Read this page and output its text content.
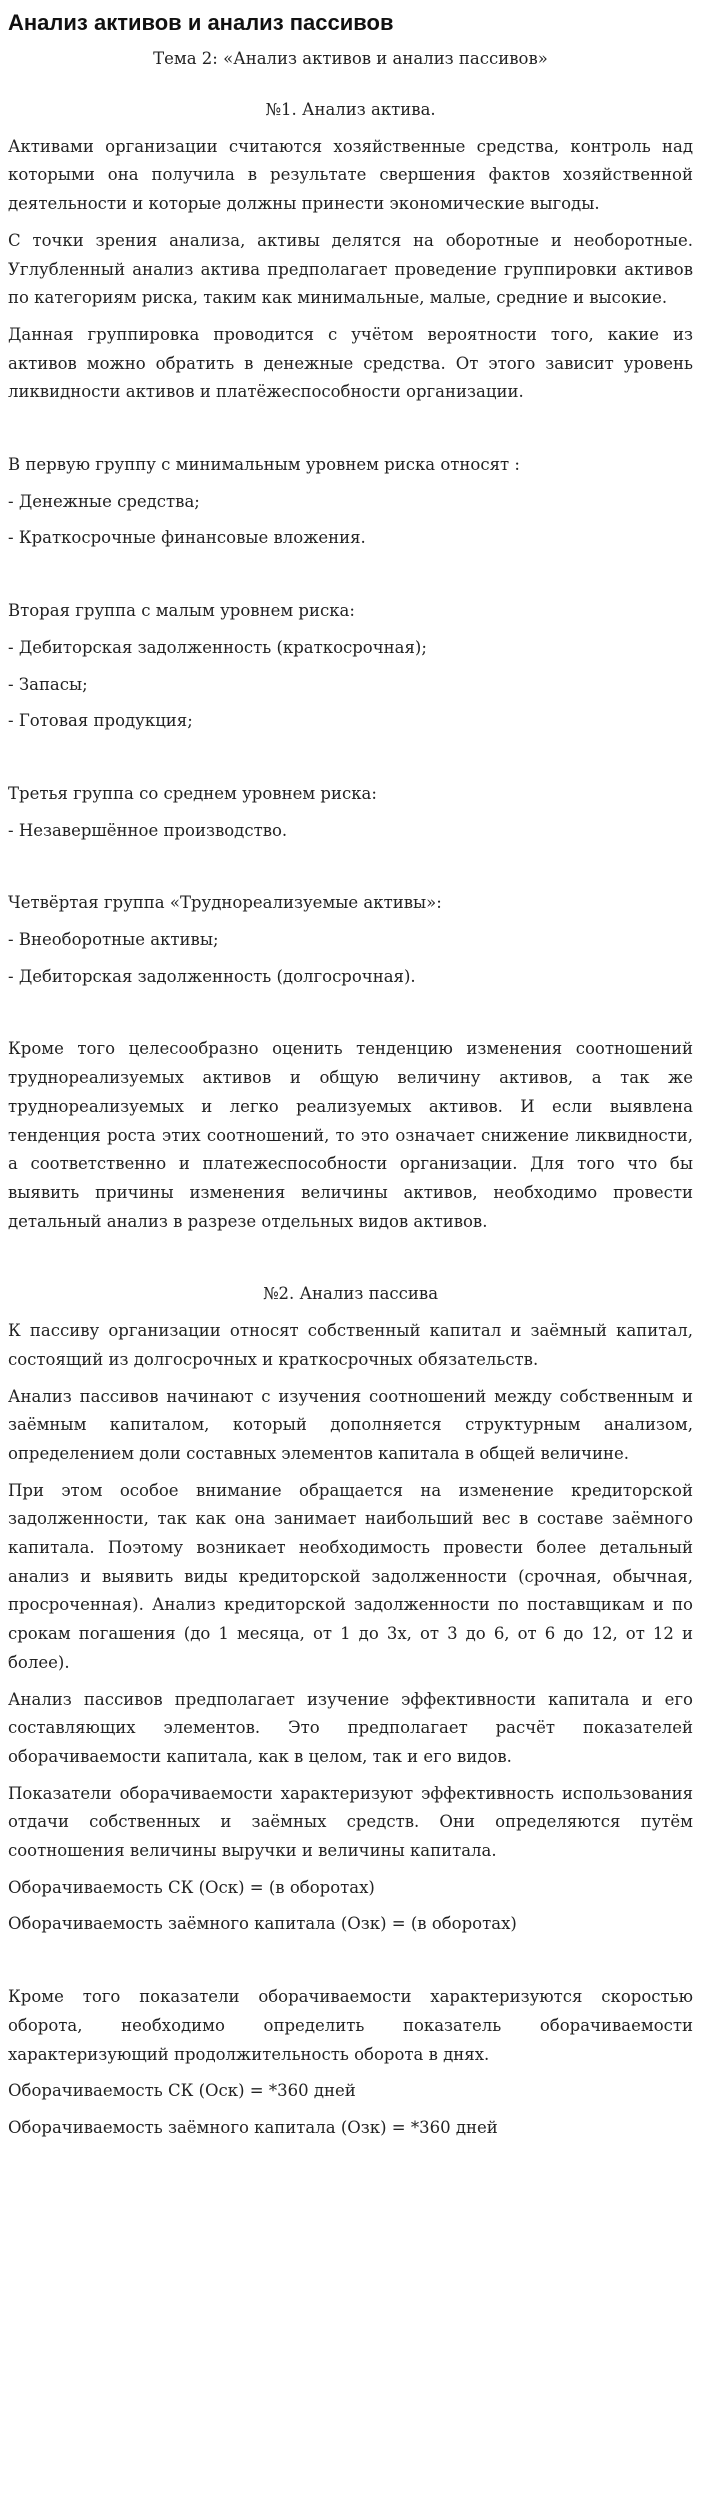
Анализ активов и анализ пассивов

Тема 2: «Анализ активов и анализ пассивов»

№1. Анализ актива.

Активами организации считаются хозяйственные средства, контроль над которыми она получила в результате свершения фактов хозяйственной деятельности и которые должны принести экономические выгоды.

С точки зрения анализа, активы делятся на оборотные и необоротные. Углубленный анализ актива предполагает проведение группировки активов по категориям риска, таким как минимальные, малые, средние и высокие.

Данная группировка проводится с учётом вероятности того, какие из активов можно обратить в денежные средства. От этого зависит уровень ликвидности активов и платёжеспособности организации.

В первую группу с минимальным уровнем риска относят :

- Денежные средства;

- Краткосрочные финансовые вложения.

Вторая группа с малым уровнем риска:

- Дебиторская задолженность (краткосрочная);

- Запасы;

- Готовая продукция;

Третья группа со среднем уровнем риска:

- Незавершённое производство.

Четвёртая группа «Труднореализуемые активы»:

- Внеоборотные активы;

- Дебиторская задолженность (долгосрочная).

Кроме того целесообразно оценить тенденцию изменения соотношений труднореализуемых активов и общую величину активов, а так же труднореализуемых и легко реализуемых активов. И если выявлена тенденция роста этих соотношений, то это означает снижение ликвидности, а соответственно и платежеспособности организации. Для того что бы выявить причины изменения величины активов, необходимо провести детальный анализ в разрезе отдельных видов активов.

№2. Анализ пассива

К пассиву организации относят собственный капитал и заёмный капитал, состоящий из долгосрочных и краткосрочных обязательств.

Анализ пассивов начинают с изучения соотношений между собственным и заёмным капиталом, который дополняется структурным анализом, определением доли составных элементов капитала в общей величине.

При этом особое внимание обращается на изменение кредиторской задолженности, так как она занимает наибольший вес в составе заёмного капитала. Поэтому возникает необходимость провести более детальный анализ и выявить виды кредиторской задолженности (срочная, обычная, просроченная). Анализ кредиторской задолженности по поставщикам и по срокам погашения (до 1 месяца, от 1 до 3х, от 3 до 6, от 6 до 12, от 12 и более).

Анализ пассивов предполагает изучение эффективности капитала и его составляющих элементов. Это предполагает расчёт показателей оборачиваемости капитала, как в целом, так и его видов.

Показатели оборачиваемости характеризуют эффективность использования отдачи собственных и заёмных средств. Они определяются путём соотношения величины выручки и величины капитала.

Оборачиваемость СК (Оск) = (в оборотах)

Оборачиваемость заёмного капитала (Озк) = (в оборотах)

Кроме того показатели оборачиваемости характеризуются скоростью оборота, необходимо определить показатель оборачиваемости характеризующий продолжительность оборота в днях.

Оборачиваемость СК (Оск) = *360 дней

Оборачиваемость заёмного капитала (Озк) = *360 дней
